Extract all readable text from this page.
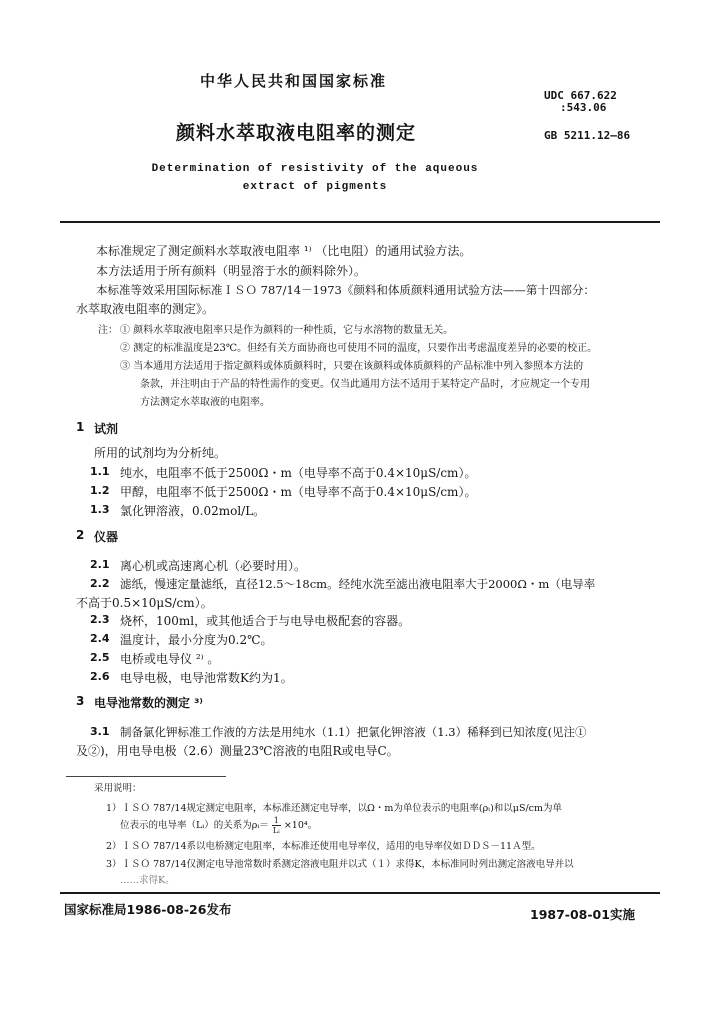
中华人民共和国国家标准
UDC 667.622
:543.06
颜料水萃取液电阻率的测定	GB 5211.12—86
Determination of resistivity of the aqueous
extract of pigments
本标准规定了测定颜料水萃取液电阻率 ¹⁾ （比电阻）的通用试验方法。
本方法适用于所有颜料（明显溶于水的颜料除外）。
本标准等效采用国际标准ＩＳＯ 787/14－1973《颜料和体质颜料通用试验方法——第十四部分：
水萃取液电阻率的测定》。
注： ① 颜料水萃取液电阻率只是作为颜料的一种性质，它与水溶物的数量无关。
② 测定的标准温度是23℃。但经有关方面协商也可使用不同的温度，只要作出考虑温度差异的必要的校正。
③ 当本通用方法适用于指定颜料或体质颜料时，只要在该颜料或体质颜料的产品标准中列入参照本方法的
条款，并注明由于产品的特性需作的变更。仅当此通用方法不适用于某特定产品时，才应规定一个专用
方法测定水萃取液的电阻率。
1 试剂
所用的试剂均为分析纯。
1.1 纯水，电阻率不低于2500Ω・m（电导率不高于0.4×10μS/cm）。
1.2 甲醇，电阻率不低于2500Ω・m（电导率不高于0.4×10μS/cm）。
1.3 氯化钾溶液，0.02mol/L。
2 仪器
2.1 离心机或高速离心机（必要时用）。
2.2 滤纸，慢速定量滤纸，直径12.5～18cm。经纯水洗至滤出液电阻率大于2000Ω・m（电导率
不高于0.5×10μS/cm）。
2.3 烧杯，100ml，或其他适合于与电导电极配套的容器。
2.4 温度计，最小分度为0.2℃。
2.5 电桥或电导仪 ²⁾ 。
2.6 电导电极，电导池常数K约为1。
3 电导池常数的测定 ³⁾
3.1 制备氯化钾标准工作液的方法是用纯水（1.1）把氯化钾溶液（1.3）稀释到已知浓度(见注①
及②)，用电导电极（2.6）测量23℃溶液的电阻R或电导C。
采用说明：
1）ＩＳＯ 787/14规定测定电阻率，本标准还测定电导率，以Ω・m为单位表示的电阻率(ρᵢ)和以μS/cm为单
位表示的电导率（Lᵢ）的关系为ρᵢ＝ $\frac{1}{\text{Lᵢ}} \times 10^4$。
2）ＩＳＯ 787/14系以电桥测定电阻率，本标准还使用电导率仪，适用的电导率仪如ＤＤＳ－11Ａ型。
3）ＩＳＯ 787/14仅测定电导池常数时系测定溶液电阻并以式（１）求得K，本标准同时列出测定溶液电导并以
……求得K。
国家标准局1986-08-26发布	1987-08-01实施
